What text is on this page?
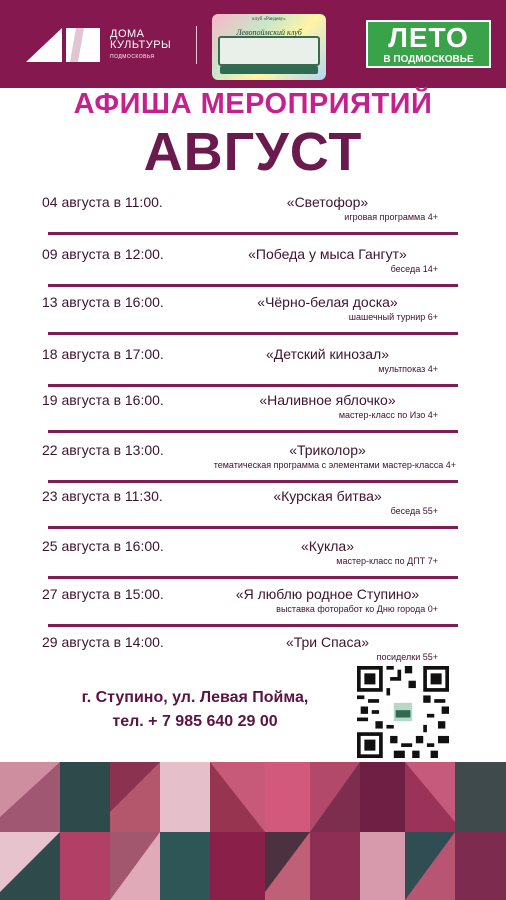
ДОМА
КУЛЬТУРЫ
ПОДМОСКОВЬЯ
клуб «Рандеву»
Левопоймский клуб	ЛЕТО
В ПОДМОСКОВЬЕ
АФИША МЕРОПРИЯТИЙ
АВГУСТ
04 августа в 11:00.	«Светофор»
игровая программа 4+
09 августа в 12:00.	«Победа у мыса Гангут»
беседа 14+
13 августа в 16:00.	«Чёрно-белая доска»
шашечный турнир 6+
18 августа в 17:00.	«Детский кинозал»
мультпоказ 4+
19 августа в 16:00.	«Наливное яблочко»
мастер-класс по Изо 4+
22 августа в 13:00.	«Триколор»
тематическая программа с элементами мастер-класса 4+
23 августа в 11:30.	«Курская битва»
беседа 55+
25 августа в 16:00.	«Кукла»
мастер-класс по ДПТ 7+
27 августа в 15:00.	«Я люблю родное Ступино»
выставка фоторабот ко Дню города 0+
29 августа в 14:00.	«Три Спаса»
посиделки 55+
г. Ступино, ул. Левая Пойма,
тел. + 7 985 640 29 00
